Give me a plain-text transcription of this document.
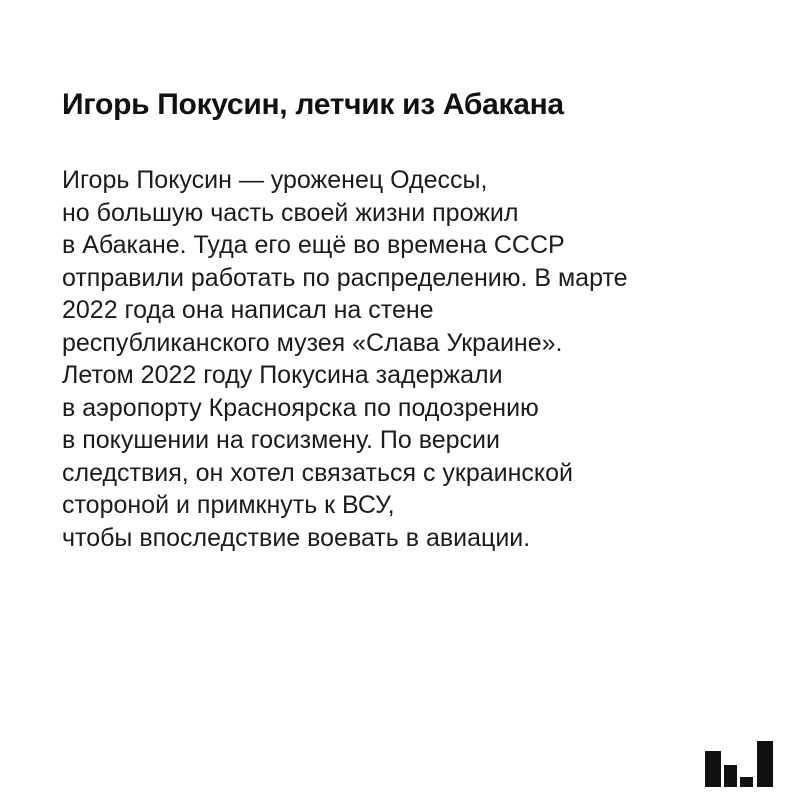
Игорь Покусин, летчик из Абакана
Игорь Покусин — уроженец Одессы,
но большую часть своей жизни прожил
в Абакане. Туда его ещё во времена СССР
отправили работать по распределению. В марте
2022 года она написал на стене
республиканского музея «Слава Украине».
Летом 2022 году Покусина задержали
в аэропорту Красноярска по подозрению
в покушении на госизмену. По версии
следствия, он хотел связаться с украинской
стороной и примкнуть к ВСУ,
чтобы впоследствие воевать в авиации.
